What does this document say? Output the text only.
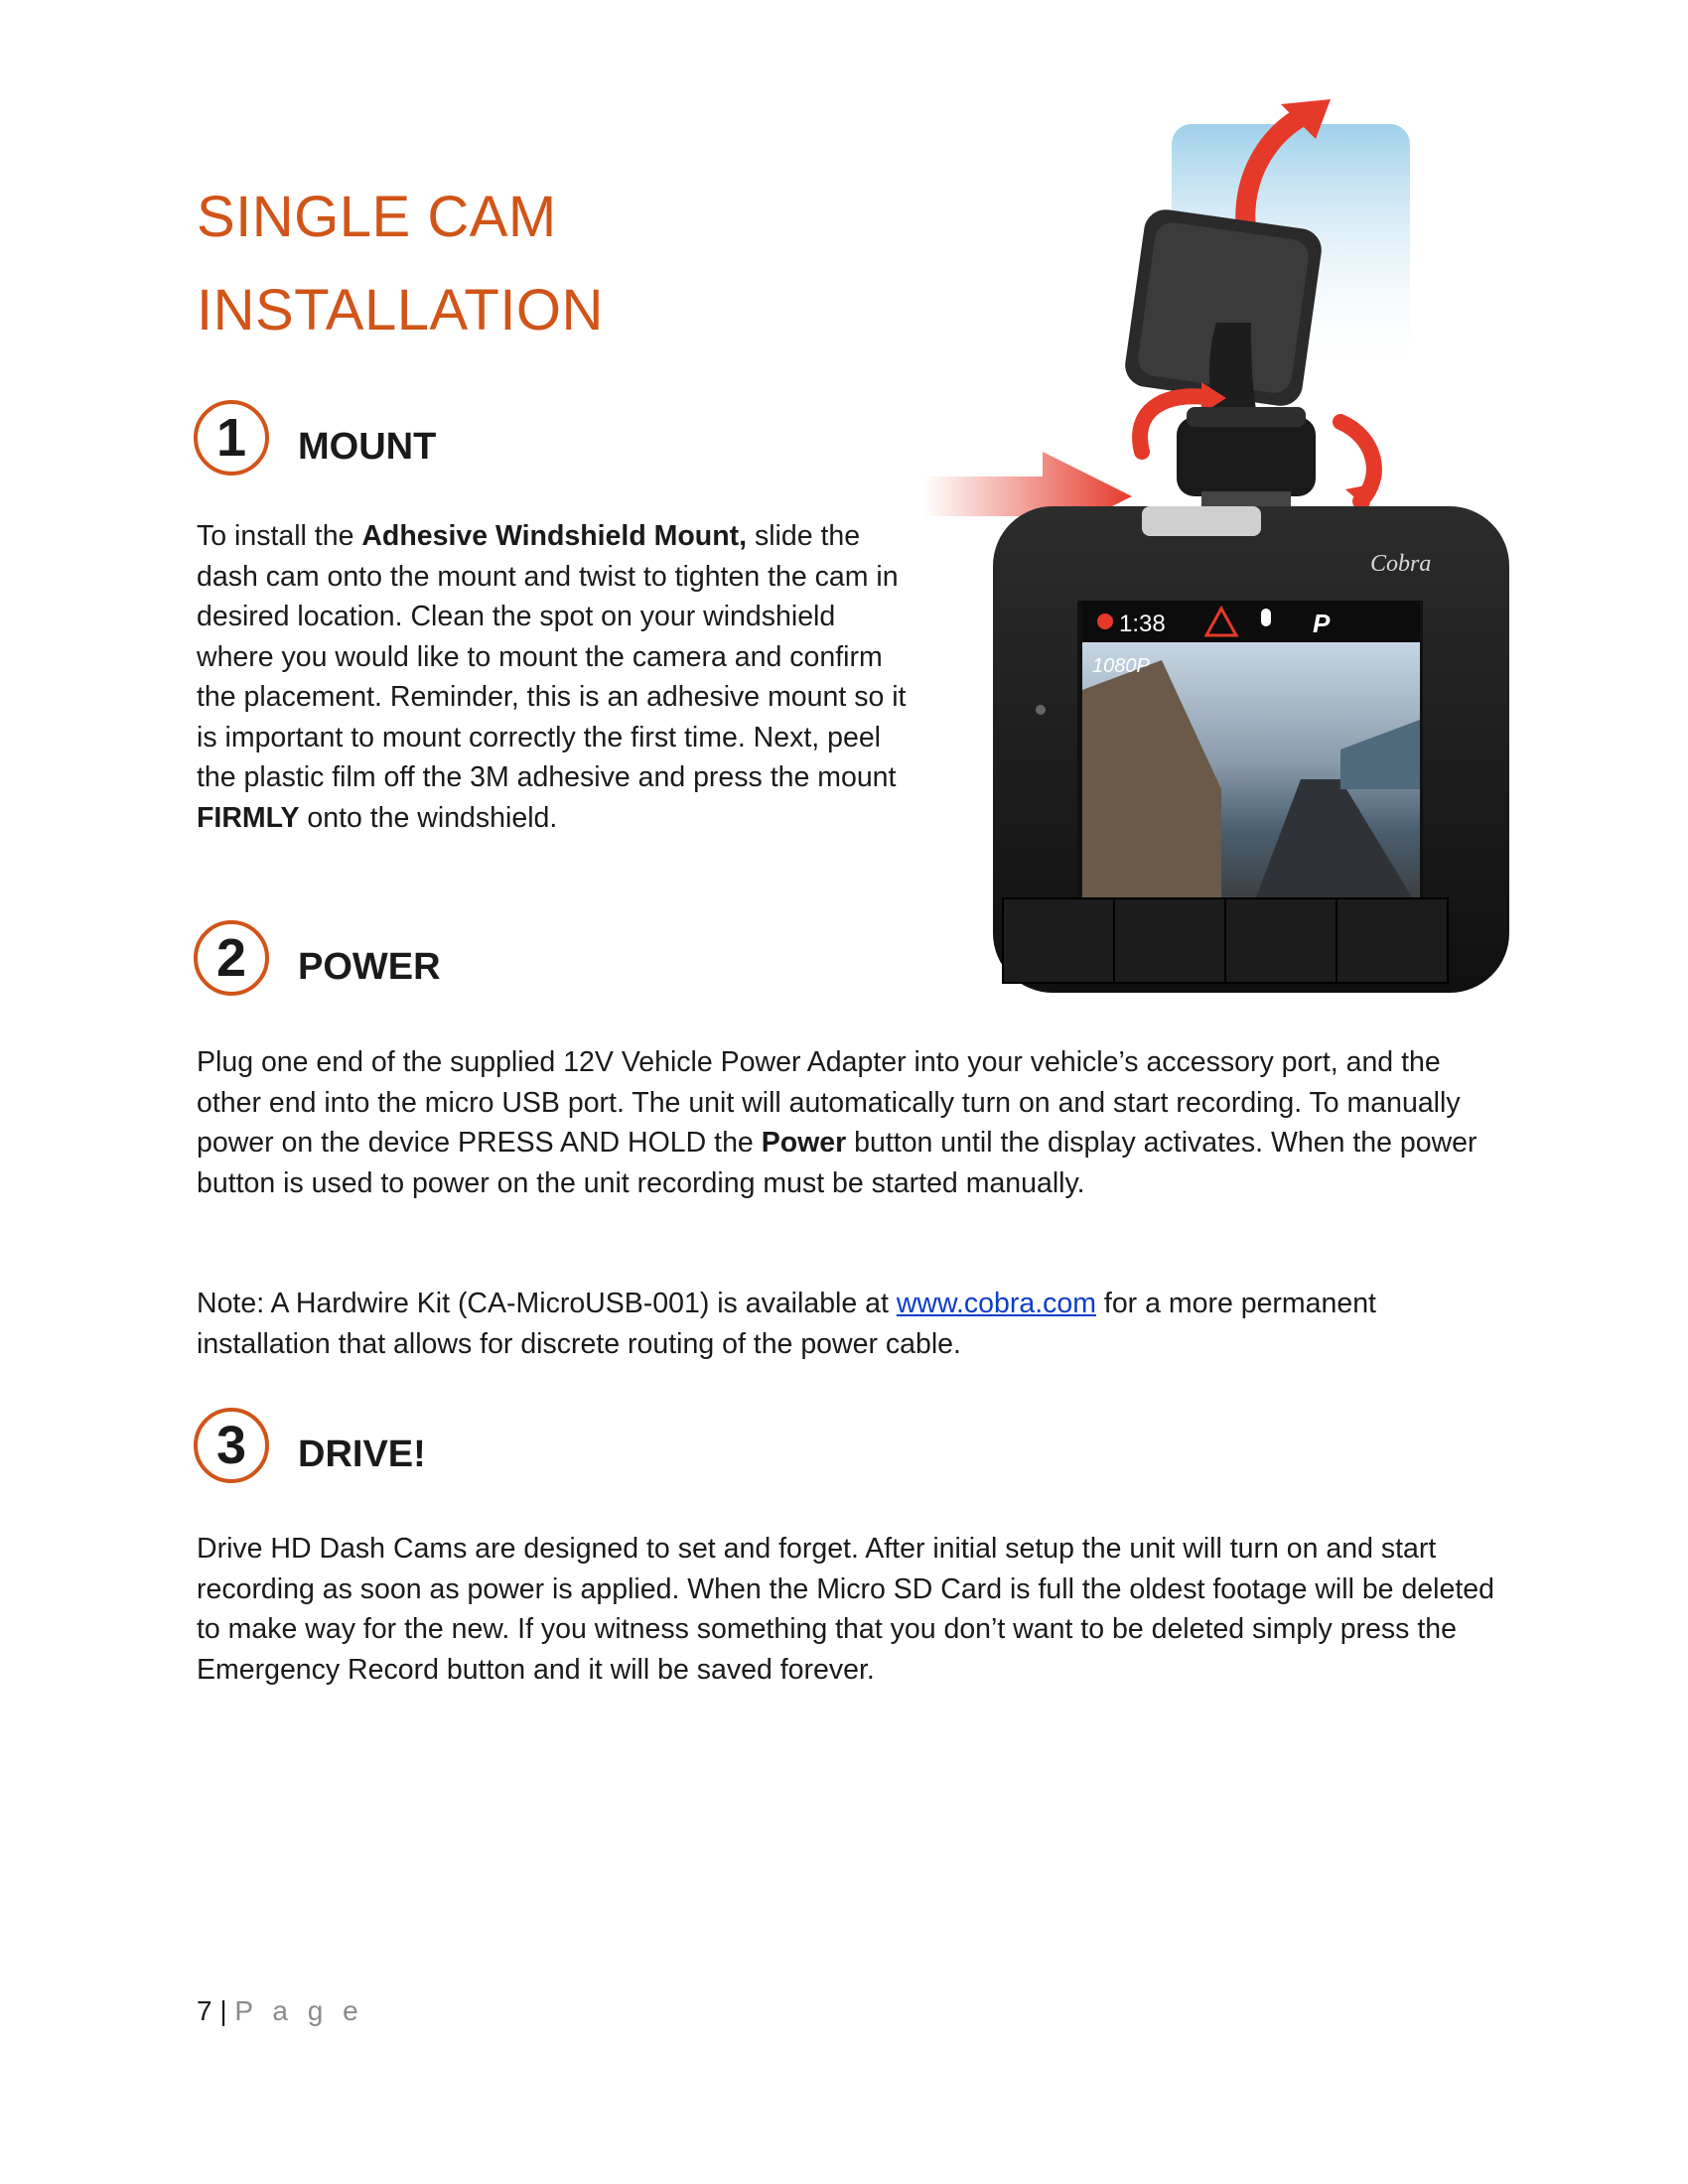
SINGLE CAM
INSTALLATION
1	MOUNT
To install the Adhesive Windshield Mount, slide the dash cam onto the mount and twist to tighten the cam in desired location. Clean the spot on your windshield where you would like to mount the camera and confirm the placement. Reminder, this is an adhesive mount so it is important to mount correctly the first time. Next, peel the plastic film off the 3M adhesive and press the mount FIRMLY onto the windshield.
2	POWER
Plug one end of the supplied 12V Vehicle Power Adapter into your vehicle’s accessory port, and the other end into the micro USB port. The unit will automatically turn on and start recording. To manually power on the device PRESS AND HOLD the Power button until the display activates. When the power button is used to power on the unit recording must be started manually.
Note: A Hardwire Kit (CA-MicroUSB-001) is available at www.cobra.com for a more permanent installation that allows for discrete routing of the power cable.
3	DRIVE!
Drive HD Dash Cams are designed to set and forget. After initial setup the unit will turn on and start recording as soon as power is applied. When the Micro SD Card is full the oldest footage will be deleted to make way for the new. If you witness something that you don’t want to be deleted simply press the Emergency Record button and it will be saved forever.
Cobra
1:38	P
1080P
7 | P a g e
